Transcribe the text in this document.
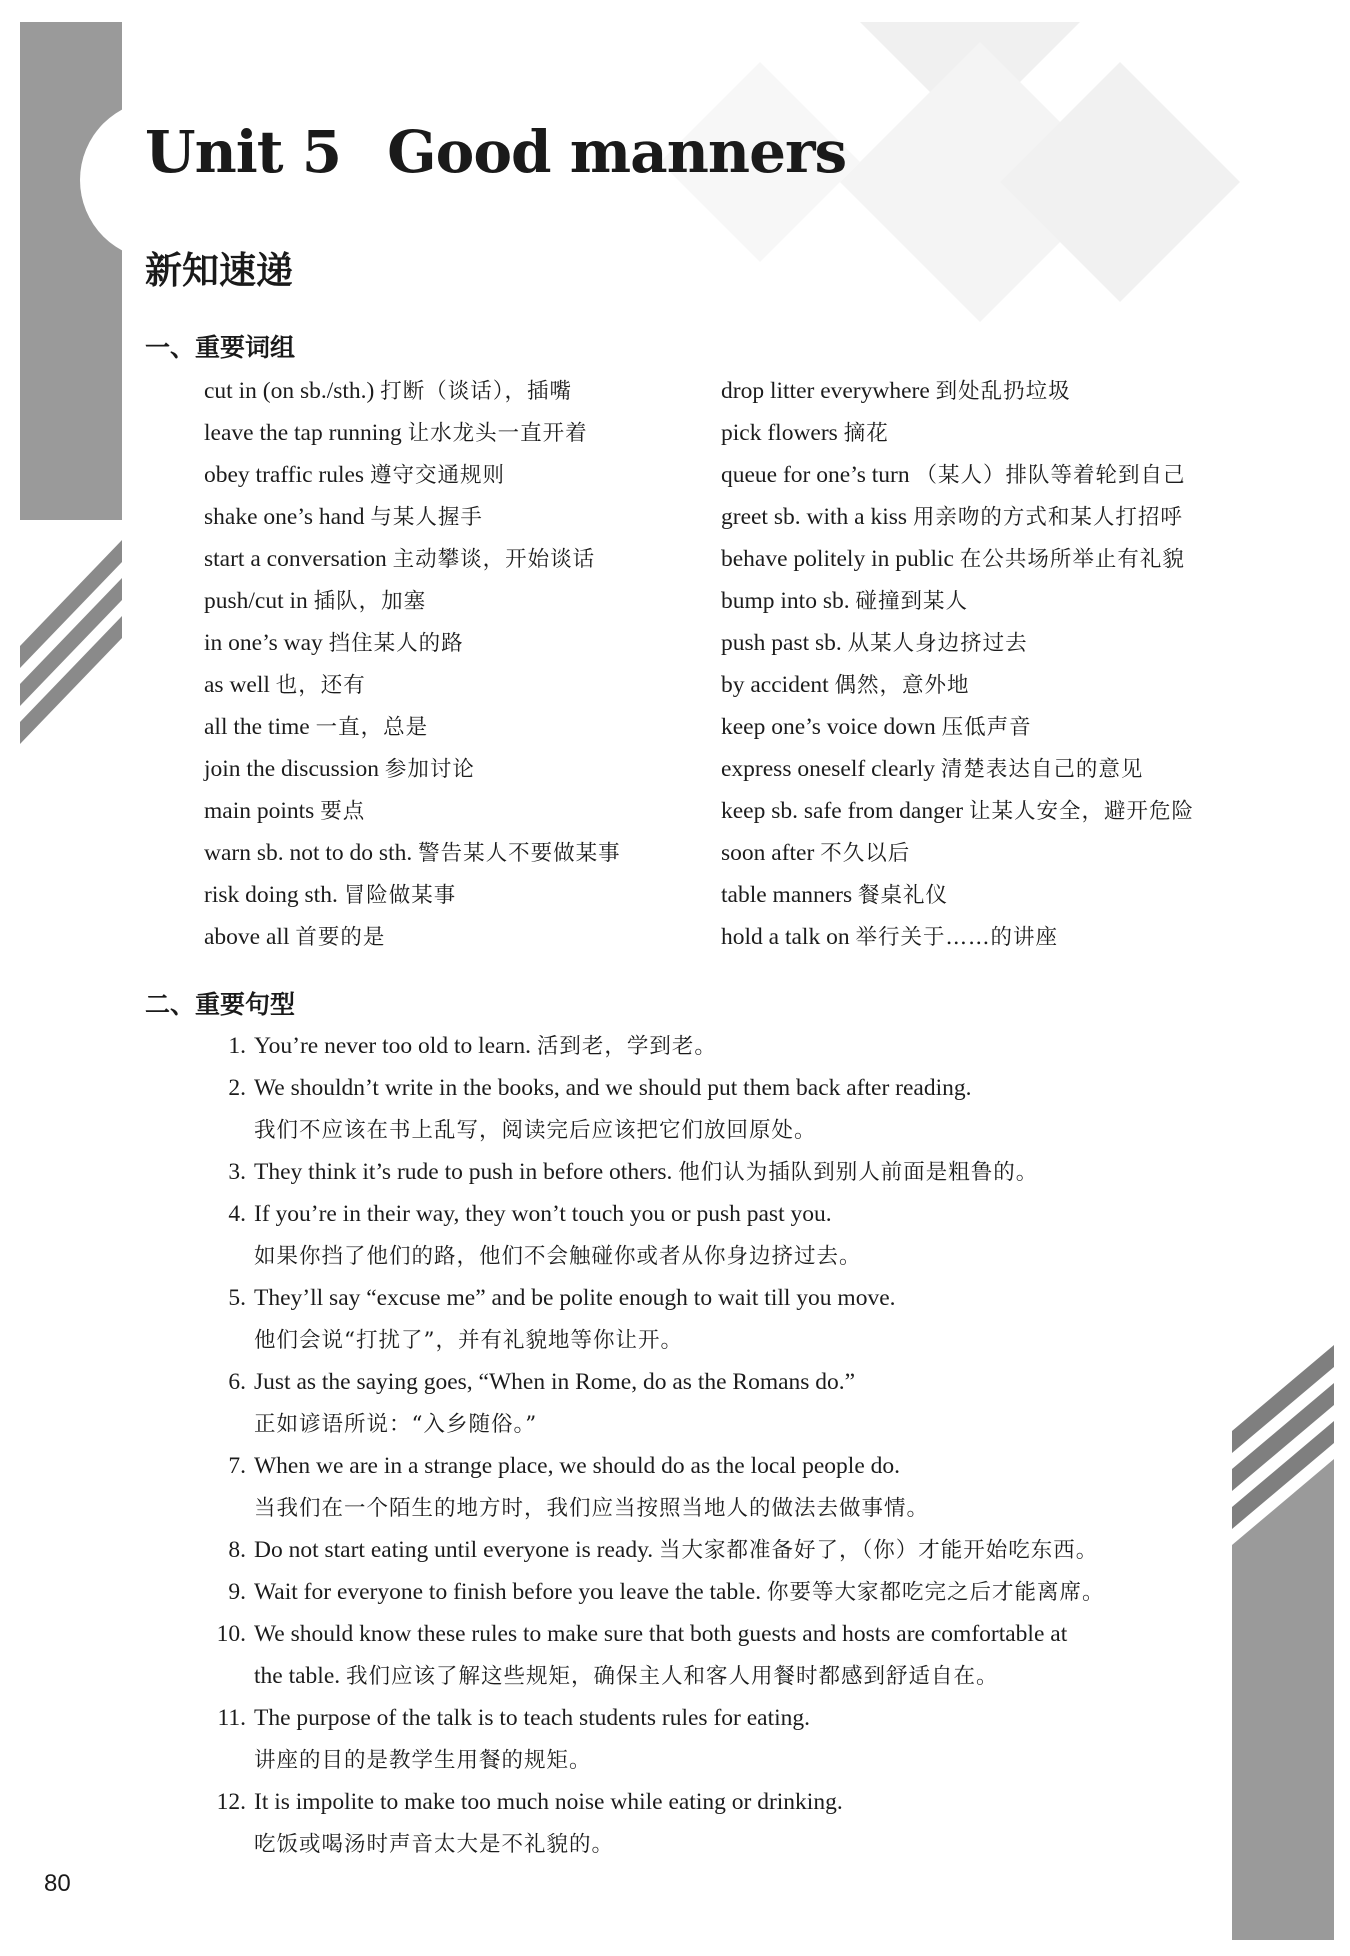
Unit 5 Good manners
新知速递
一、重要词组
cut in (on sb./sth.) 打断（谈话），插嘴
leave the tap running 让水龙头一直开着
obey traffic rules 遵守交通规则
shake one’s hand 与某人握手
start a conversation 主动攀谈，开始谈话
push/cut in 插队，加塞
in one’s way 挡住某人的路
as well 也，还有
all the time 一直，总是
join the discussion 参加讨论
main points 要点
warn sb. not to do sth. 警告某人不要做某事
risk doing sth. 冒险做某事
above all 首要的是
drop litter everywhere 到处乱扔垃圾
pick flowers 摘花
queue for one’s turn （某人）排队等着轮到自己
greet sb. with a kiss 用亲吻的方式和某人打招呼
behave politely in public 在公共场所举止有礼貌
bump into sb. 碰撞到某人
push past sb. 从某人身边挤过去
by accident 偶然，意外地
keep one’s voice down 压低声音
express oneself clearly 清楚表达自己的意见
keep sb. safe from danger 让某人安全，避开危险
soon after 不久以后
table manners 餐桌礼仪
hold a talk on 举行关于……的讲座
二、重要句型
1. You’re never too old to learn. 活到老，学到老。
2. We shouldn’t write in the books, and we should put them back after reading.
我们不应该在书上乱写，阅读完后应该把它们放回原处。
3. They think it’s rude to push in before others. 他们认为插队到别人前面是粗鲁的。
4. If you’re in their way, they won’t touch you or push past you.
如果你挡了他们的路，他们不会触碰你或者从你身边挤过去。
5. They’ll say “excuse me” and be polite enough to wait till you move.
他们会说“打扰了”，并有礼貌地等你让开。
6. Just as the saying goes, “When in Rome, do as the Romans do.”
正如谚语所说：“入乡随俗。”
7. When we are in a strange place, we should do as the local people do.
当我们在一个陌生的地方时，我们应当按照当地人的做法去做事情。
8. Do not start eating until everyone is ready. 当大家都准备好了，（你）才能开始吃东西。
9. Wait for everyone to finish before you leave the table. 你要等大家都吃完之后才能离席。
10. We should know these rules to make sure that both guests and hosts are comfortable at
the table. 我们应该了解这些规矩，确保主人和客人用餐时都感到舒适自在。
11. The purpose of the talk is to teach students rules for eating.
讲座的目的是教学生用餐的规矩。
12. It is impolite to make too much noise while eating or drinking.
吃饭或喝汤时声音太大是不礼貌的。
80
